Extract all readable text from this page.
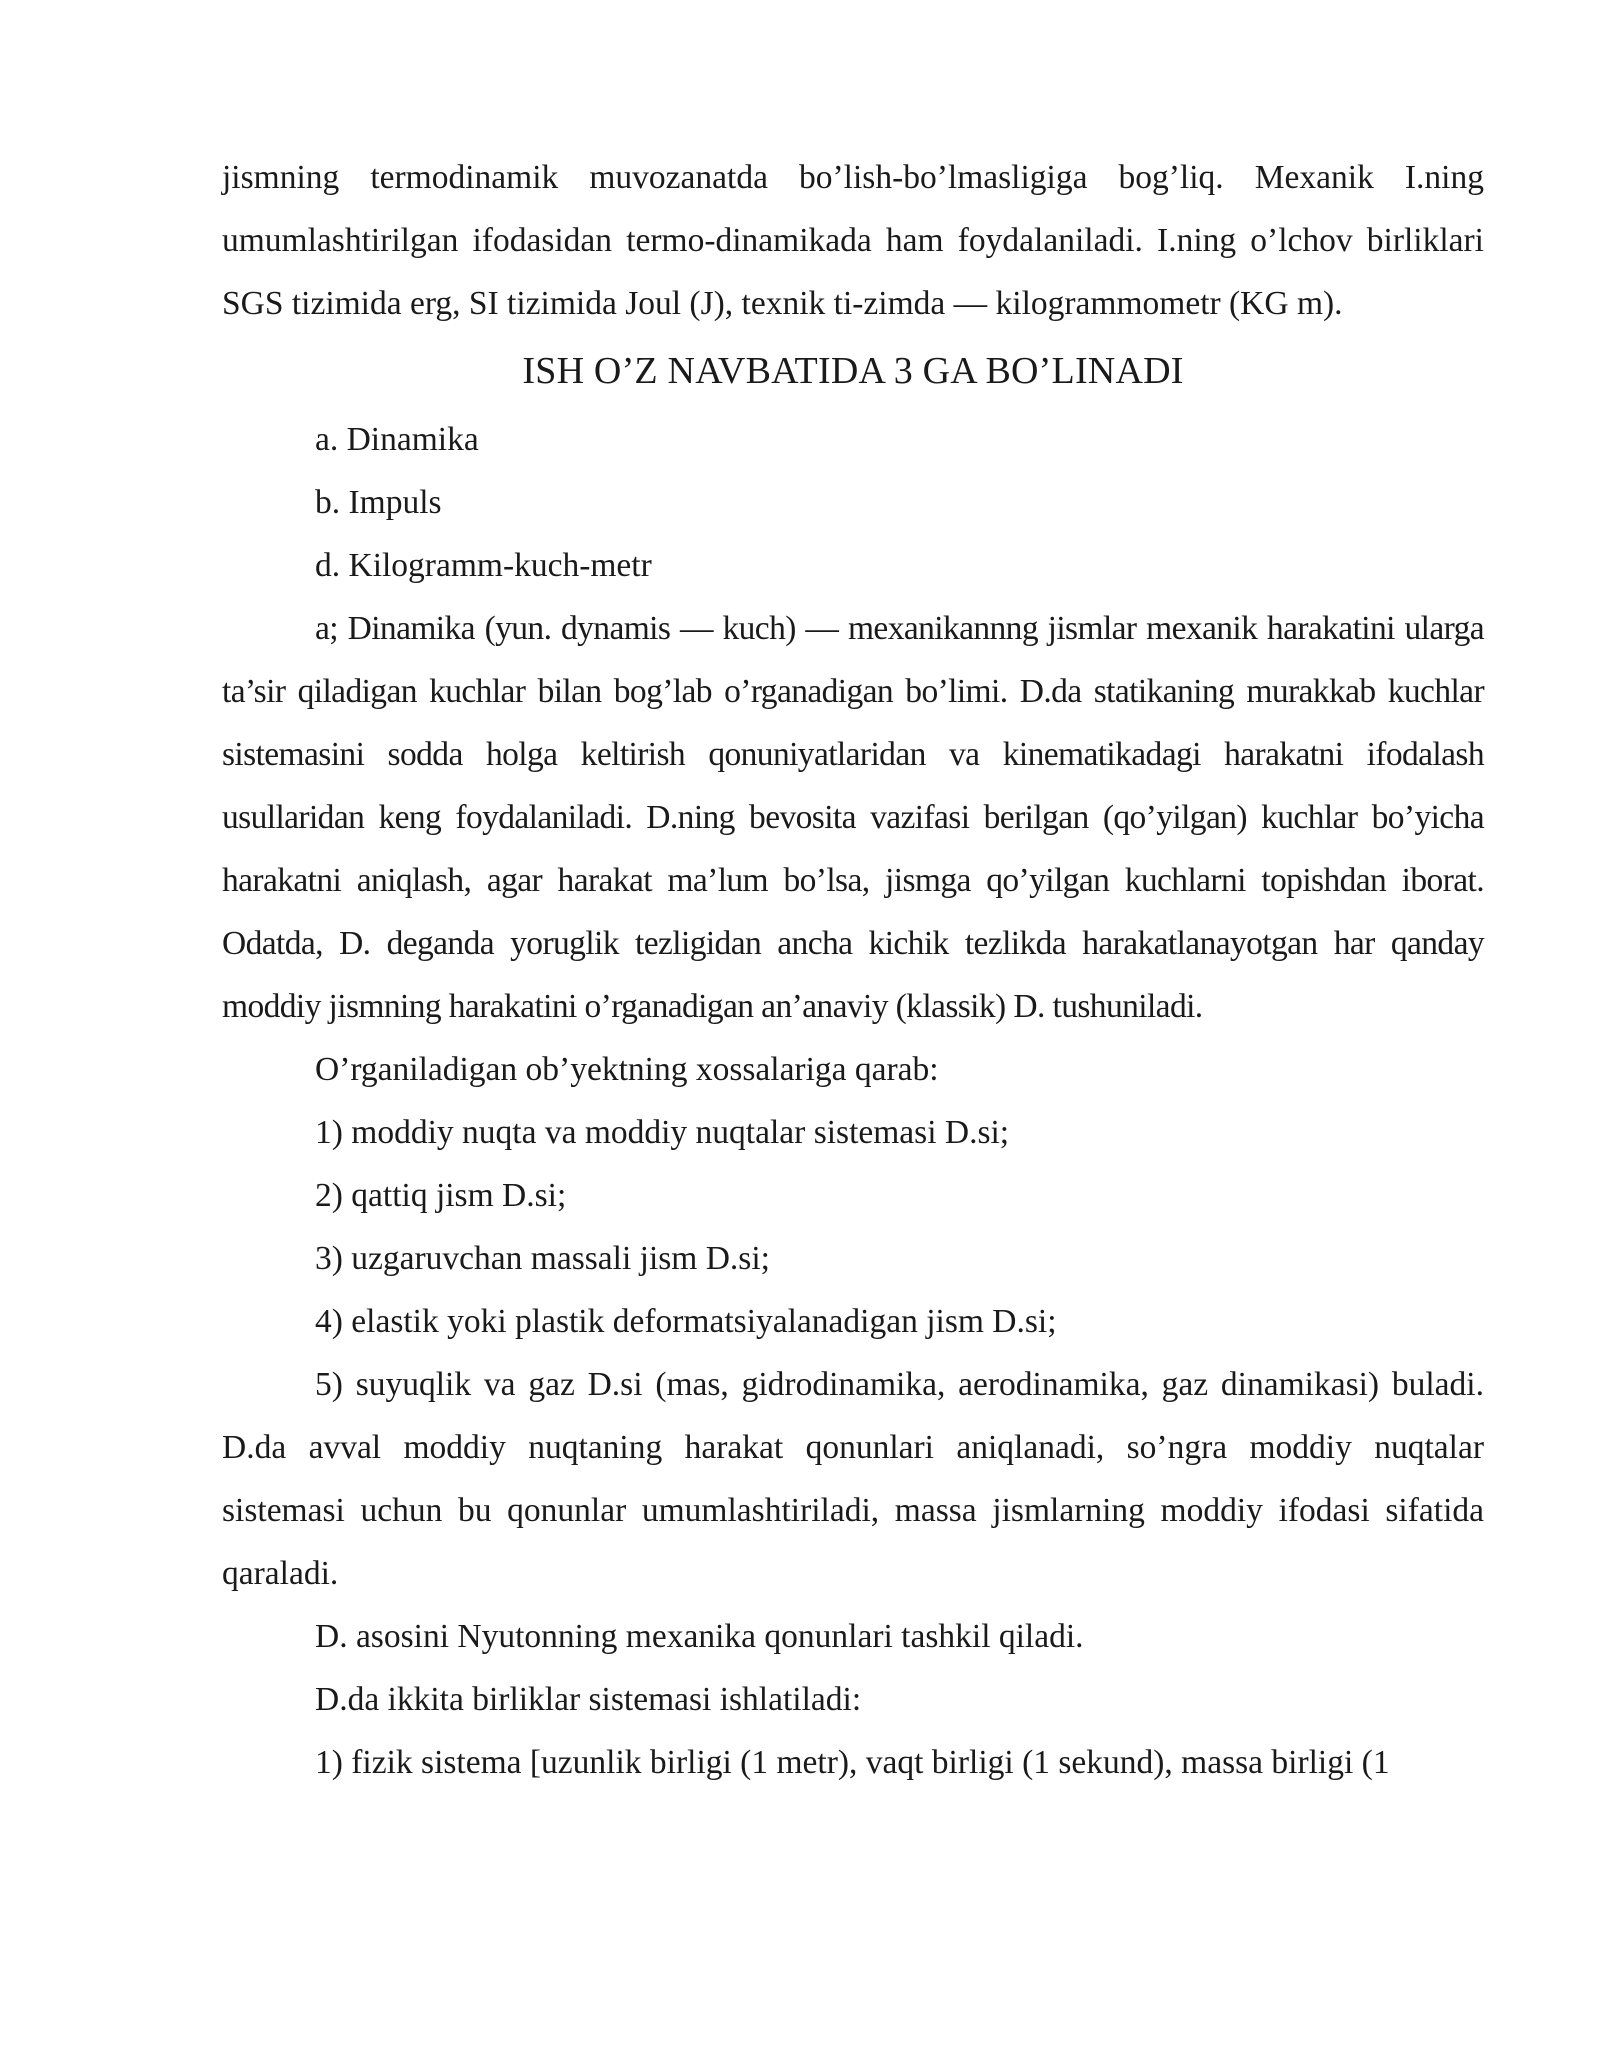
jismning termodinamik muvozanatda bo’lish-bo’lmasligiga bog’liq. Mexanik I.ning umumlashtirilgan ifodasidan termo-dinamikada ham foydalaniladi. I.ning o’lchov birliklari SGS tizimida erg, SI tizimida Joul (J), texnik ti-zimda — kilogrammometr (KG m).

ISH O’Z NAVBATIDA 3 GA BO’LINADI

a. Dinamika

b. Impuls

d. Kilogramm-kuch-metr

a; Dinamika (yun. dynamis — kuch) — mexanikannng jismlar mexanik harakatini ularga ta’sir qiladigan kuchlar bilan bog’lab o’rganadigan bo’limi. D.da statikaning murakkab kuchlar sistemasini sodda holga keltirish qonuniyatlaridan va kinematikadagi harakatni ifodalash usullaridan keng foydalaniladi. D.ning bevosita vazifasi berilgan (qo’yilgan) kuchlar bo’yicha harakatni aniqlash, agar harakat ma’lum bo’lsa, jismga qo’yilgan kuchlarni topishdan iborat. Odatda, D. deganda yoruglik tezligidan ancha kichik tezlikda harakatlanayotgan har qanday moddiy jismning harakatini o’rganadigan an’anaviy (klassik) D. tushuniladi.

O’rganiladigan ob’yektning xossalariga qarab:

1) moddiy nuqta va moddiy nuqtalar sistemasi D.si;

2) qattiq jism D.si;

3) uzgaruvchan massali jism D.si;

4) elastik yoki plastik deformatsiyalanadigan jism D.si;

5) suyuqlik va gaz D.si (mas, gidrodinamika, aerodinamika, gaz dinamikasi) buladi. D.da avval moddiy nuqtaning harakat qonunlari aniqlanadi, so’ngra moddiy nuqtalar sistemasi uchun bu qonunlar umumlashtiriladi, massa jismlarning moddiy ifodasi sifatida qaraladi.

D. asosini Nyutonning mexanika qonunlari tashkil qiladi.

D.da ikkita birliklar sistemasi ishlatiladi:

1) fizik sistema [uzunlik birligi (1 metr), vaqt birligi (1 sekund), massa birligi (1
